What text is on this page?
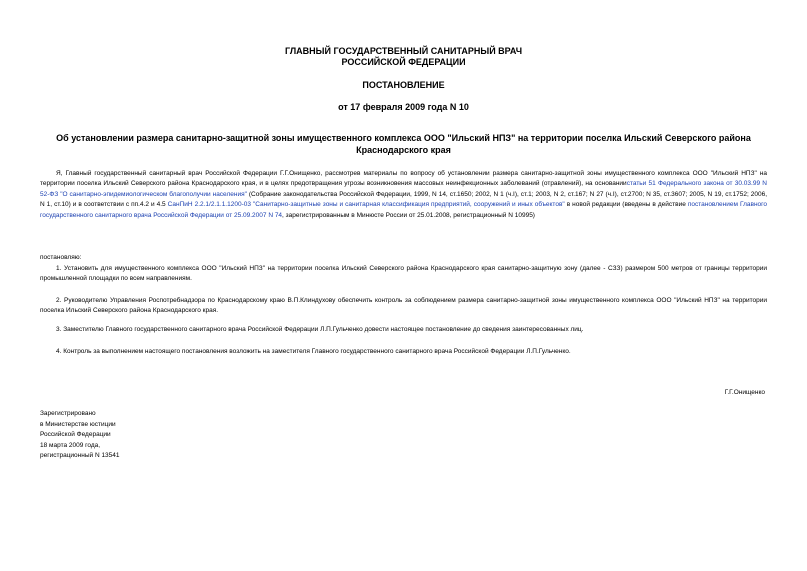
ГЛАВНЫЙ ГОСУДАРСТВЕННЫЙ САНИТАРНЫЙ ВРАЧ
РОССИЙСКОЙ ФЕДЕРАЦИИ
ПОСТАНОВЛЕНИЕ
от 17 февраля 2009 года N 10
Об установлении размера санитарно-защитной зоны имущественного комплекса ООО "Ильский НПЗ" на территории поселка Ильский Северского района
Краснодарского края
Я, Главный государственный санитарный врач Российской Федерации Г.Г.Онищенко, рассмотрев материалы по вопросу об установлении размера санитарно-защитной зоны имущественного комплекса ООО "Ильский НПЗ" на территории поселка Ильский Северского района Краснодарского края, и в целях предотвращения угрозы возникновения массовых неинфекционных заболеваний (отравлений), на основаниистатьи 51 Федерального закона от 30.03.99 N 52-ФЗ "О санитарно-эпидемиологическом благополучии населения" (Собрание законодательства Российской Федерации, 1999, N 14, ст.1650; 2002, N 1 (ч.I), ст.1; 2003, N 2, ст.167; N 27 (ч.I), ст.2700; N 35, ст.3607; 2005, N 19, ст.1752; 2006, N 1, ст.10) и в соответствии с пп.4.2 и 4.5 СанПиН 2.2.1/2.1.1.1200-03 "Санитарно-защитные зоны и санитарная классификация предприятий, сооружений и иных объектов" в новой редакции (введены в действие постановлением Главного государственного санитарного врача Российской Федерации от 25.09.2007 N 74, зарегистрированным в Минюсте России от 25.01.2008, регистрационный N 10995)
постановляю:
1. Установить для имущественного комплекса ООО "Ильский НПЗ" на территории поселка Ильский Северского района Краснодарского края санитарно-защитную зону (далее - СЗЗ) размером 500 метров от границы территории промышленной площадки по всем направлениям.
2. Руководителю Управления Роспотребнадзора по Краснодарскому краю В.П.Клиндухову обеспечить контроль за соблюдением размера санитарно-защитной зоны имущественного комплекса ООО "Ильский НПЗ" на территории поселка Ильский Северского района Краснодарского края.
3. Заместителю Главного государственного санитарного врача Российской Федерации Л.П.Гульченко довести настоящее постановление до сведения заинтересованных лиц.
4. Контроль за выполнением настоящего постановления возложить на заместителя Главного государственного санитарного врача Российской Федерации Л.П.Гульченко.
Г.Г.Онищенко
Зарегистрировано
в Министерстве юстиции
Российской Федерации
18 марта 2009 года,
регистрационный N 13541
